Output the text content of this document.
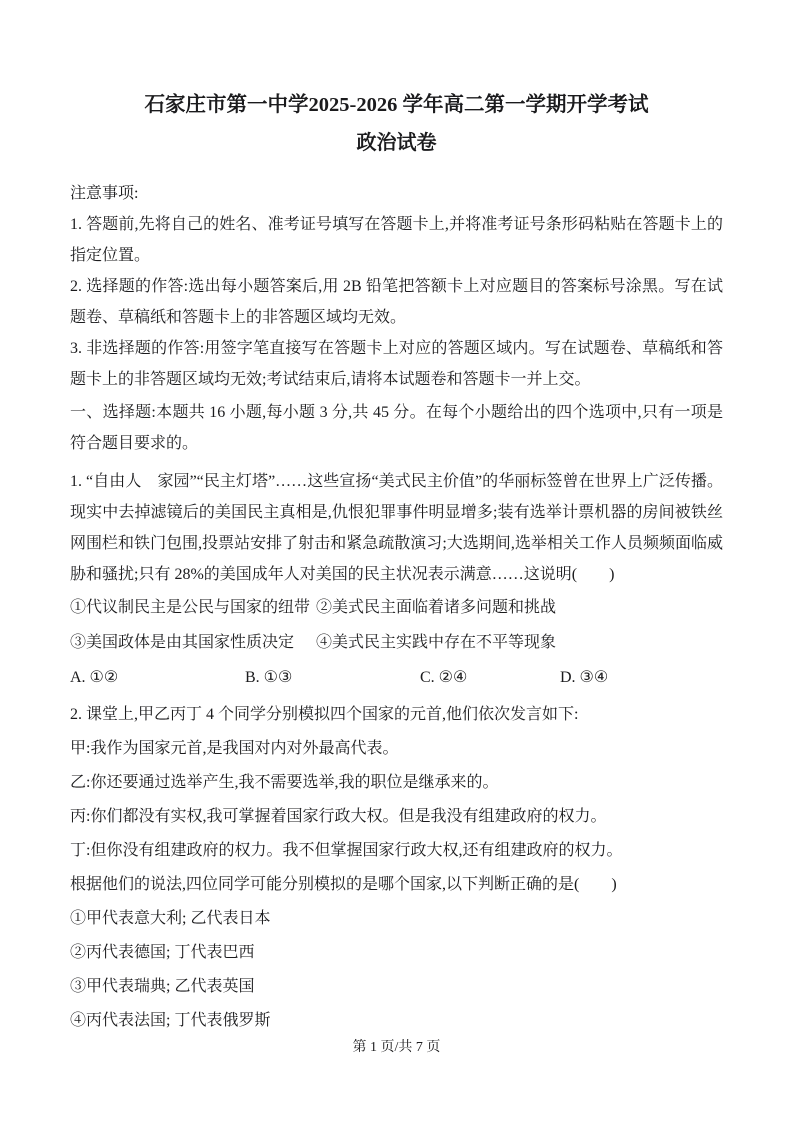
石家庄市第一中学2025-2026 学年高二第一学期开学考试
政治试卷

注意事项:

1. 答题前,先将自己的姓名、准考证号填写在答题卡上,并将准考证号条形码粘贴在答题卡上的指定位置。

2. 选择题的作答:选出每小题答案后,用 2B 铅笔把答额卡上对应题目的答案标号涂黑。写在试题卷、草稿纸和答题卡上的非答题区域均无效。

3. 非选择题的作答:用签字笔直接写在答题卡上对应的答题区域内。写在试题卷、草稿纸和答题卡上的非答题区域均无效;考试结束后,请将本试题卷和答题卡一并上交。

一、选择题:本题共 16 小题,每小题 3 分,共 45 分。在每个小题给出的四个选项中,只有一项是符合题目要求的。

1. “自由人　家园”“民主灯塔”……这些宣扬“美式民主价值”的华丽标签曾在世界上广泛传播。现实中去掉滤镜后的美国民主真相是,仇恨犯罪事件明显增多;装有选举计票机器的房间被铁丝网围栏和铁门包围,投票站安排了射击和紧急疏散演习;大选期间,选举相关工作人员频频面临威胁和骚扰;只有 28%的美国成年人对美国的民主状况表示满意……这说明(　　)

①代议制民主是公民与国家的纽带 ②美式民主面临着诸多问题和挑战
③美国政体是由其国家性质决定	④美式民主实践中存在不平等现象
A. ①②	B. ①③	C. ②④	D. ③④

2. 课堂上,甲乙丙丁 4 个同学分别模拟四个国家的元首,他们依次发言如下:

甲:我作为国家元首,是我国对内对外最高代表。

乙:你还要通过选举产生,我不需要选举,我的职位是继承来的。

丙:你们都没有实权,我可掌握着国家行政大权。但是我没有组建政府的权力。

丁:但你没有组建政府的权力。我不但掌握国家行政大权,还有组建政府的权力。

根据他们的说法,四位同学可能分别模拟的是哪个国家,以下判断正确的是(　　)

①甲代表意大利; 乙代表日本

②丙代表德国; 丁代表巴西

③甲代表瑞典; 乙代表英国

④丙代表法国; 丁代表俄罗斯

第 1 页/共 7 页
